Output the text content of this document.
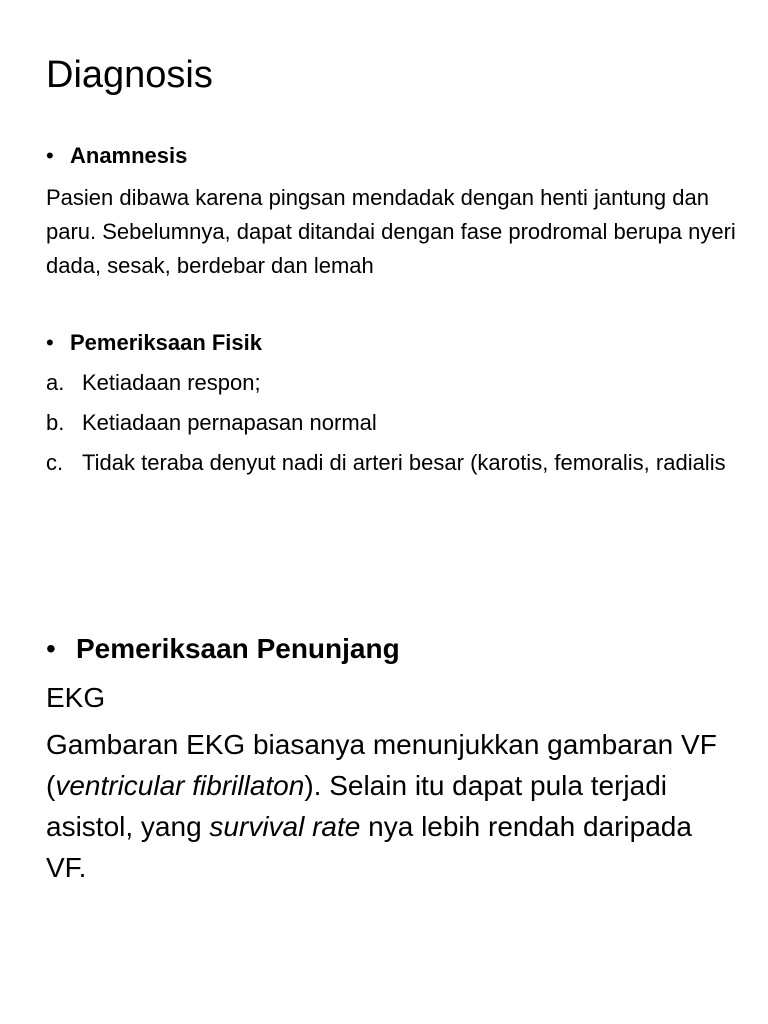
Diagnosis
• Anamnesis

Pasien dibawa karena pingsan mendadak dengan henti jantung dan paru. Sebelumnya, dapat ditandai dengan fase prodromal berupa nyeri dada, sesak, berdebar dan lemah

• Pemeriksaan Fisik
a. Ketiadaan respon;
b. Ketiadaan pernapasan normal
c. Tidak teraba denyut nadi di arteri besar (karotis, femoralis, radialis
• Pemeriksaan Penunjang

EKG

Gambaran EKG biasanya menunjukkan gambaran VF (ventricular fibrillaton). Selain itu dapat pula terjadi asistol, yang survival rate nya lebih rendah daripada VF.
